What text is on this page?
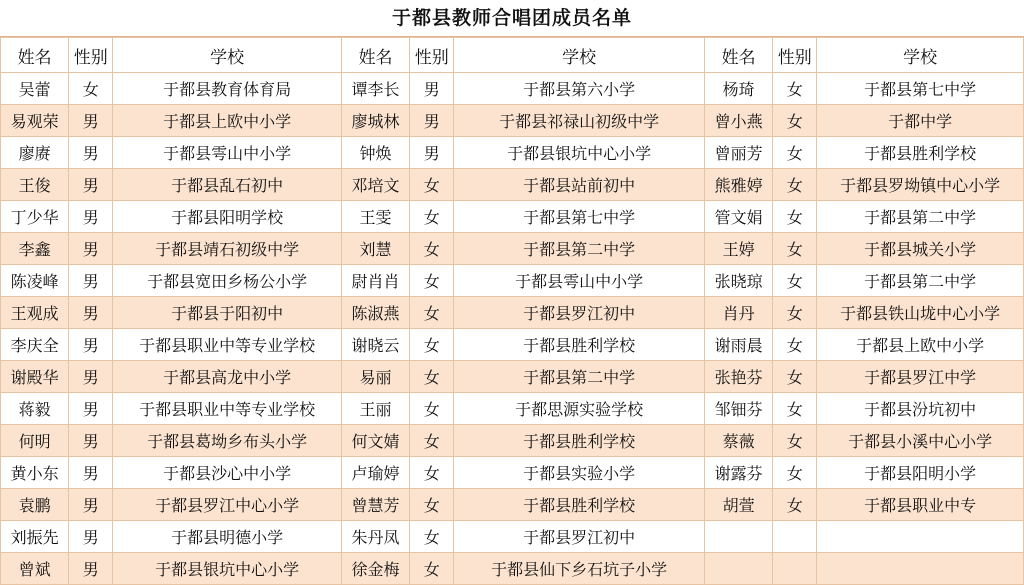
于都县教师合唱团成员名单
姓名	性别	学校	姓名	性别	学校	姓名	性别	学校
吴蕾	女	于都县教育体育局	谭李长	男	于都县第六小学	杨琦	女	于都县第七中学
易观荣	男	于都县上欧中小学	廖城林	男	于都县祁禄山初级中学	曾小燕	女	于都中学
廖赓	男	于都县雩山中小学	钟焕	男	于都县银坑中心小学	曾丽芳	女	于都县胜利学校
王俊	男	于都县乱石初中	邓培文	女	于都县站前初中	熊雅婷	女	于都县罗坳镇中心小学
丁少华	男	于都县阳明学校	王雯	女	于都县第七中学	管文娟	女	于都县第二中学
李鑫	男	于都县靖石初级中学	刘慧	女	于都县第二中学	王婷	女	于都县城关小学
陈凌峰	男	于都县宽田乡杨公小学	尉肖肖	女	于都县雩山中小学	张晓琼	女	于都县第二中学
王观成	男	于都县于阳初中	陈淑燕	女	于都县罗江初中	肖丹	女	于都县铁山垅中心小学
李庆全	男	于都县职业中等专业学校	谢晓云	女	于都县胜利学校	谢雨晨	女	于都县上欧中小学
谢殿华	男	于都县高龙中小学	易丽	女	于都县第二中学	张艳芬	女	于都县罗江中学
蒋毅	男	于都县职业中等专业学校	王丽	女	于都思源实验学校	邹钿芬	女	于都县汾坑初中
何明	男	于都县葛坳乡布头小学	何文婧	女	于都县胜利学校	蔡薇	女	于都县小溪中心小学
黄小东	男	于都县沙心中小学	卢瑜婷	女	于都县实验小学	谢露芬	女	于都县阳明小学
袁鹏	男	于都县罗江中心小学	曾慧芳	女	于都县胜利学校	胡萱	女	于都县职业中专
刘振先	男	于都县明德小学	朱丹凤	女	于都县罗江初中			
曾斌	男	于都县银坑中心小学	徐金梅	女	于都县仙下乡石坑子小学			
